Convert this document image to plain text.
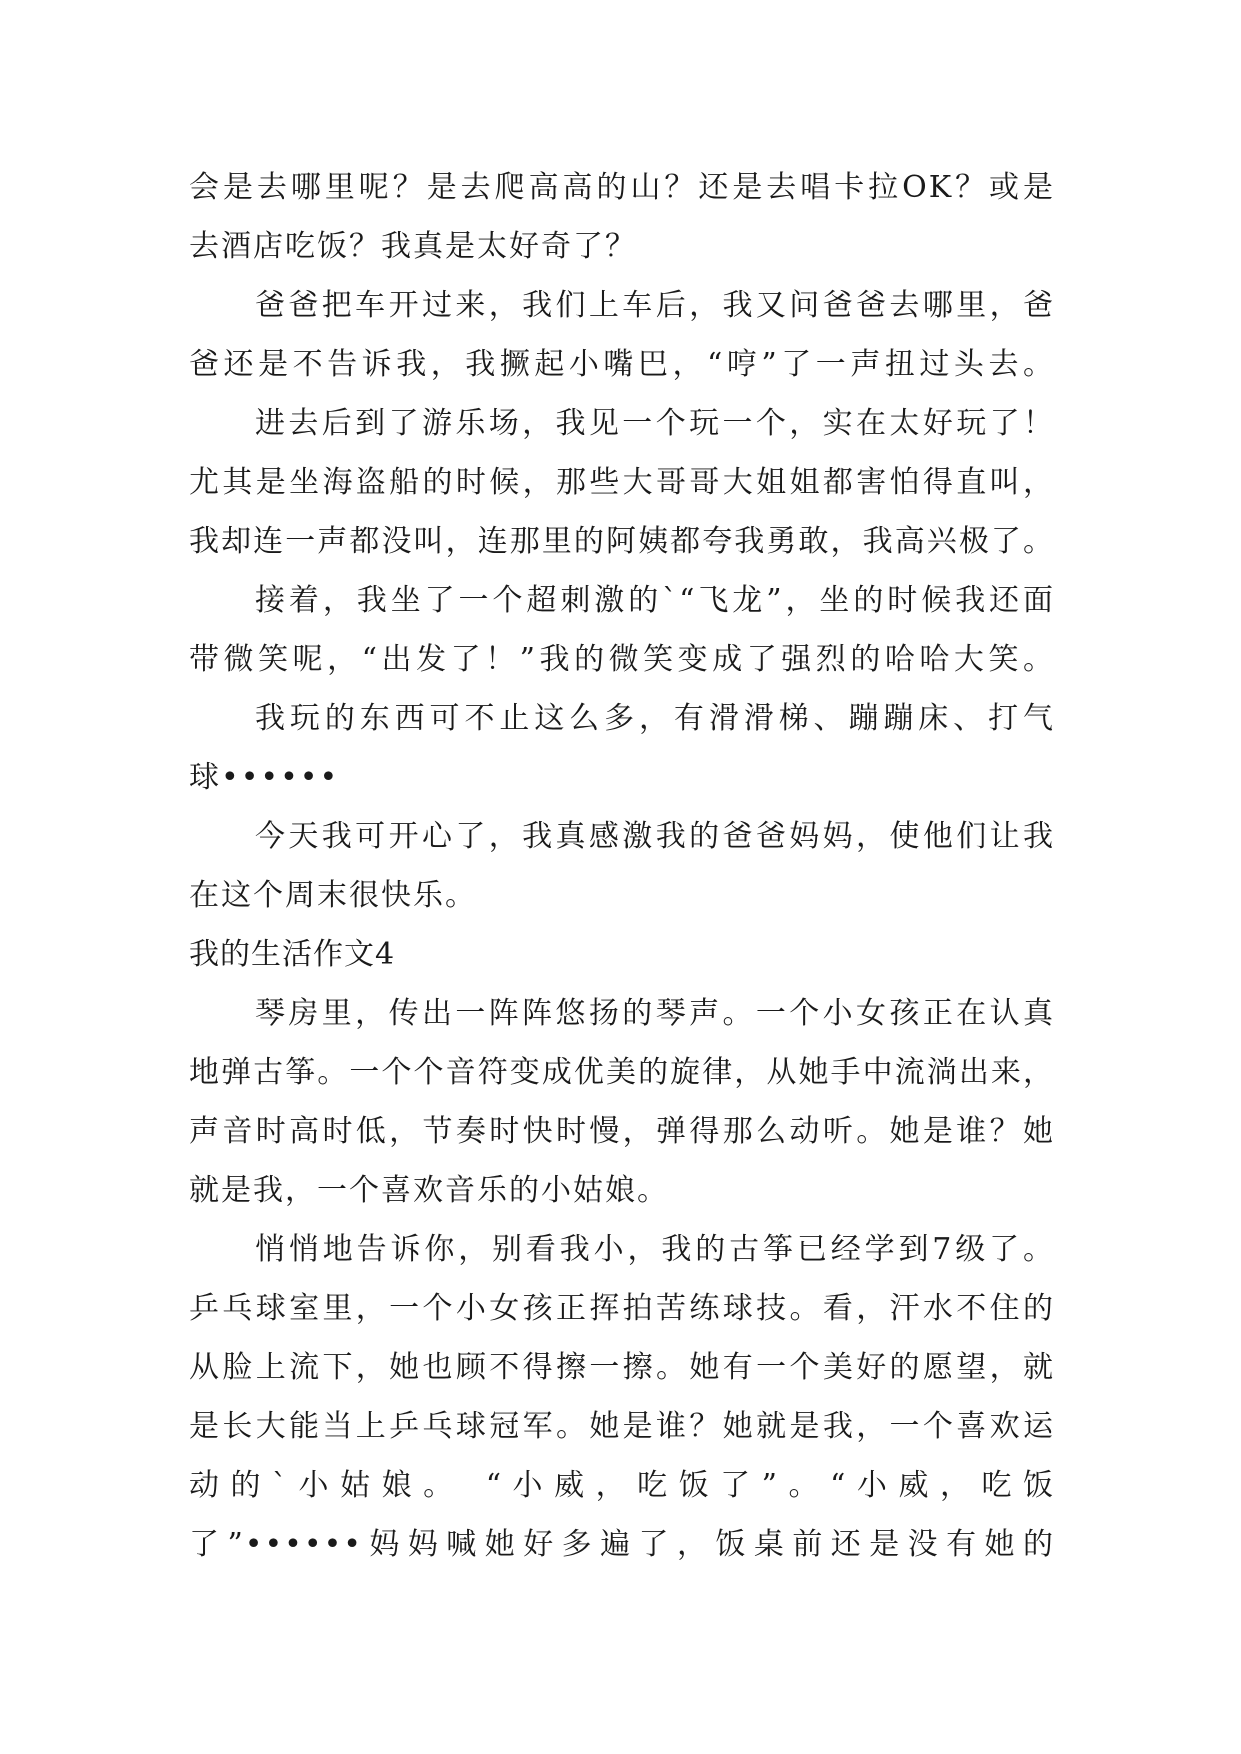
会是去哪里呢？是去爬高高的山？还是去唱卡拉OK？或是
去酒店吃饭？我真是太好奇了？
爸爸把车开过来，我们上车后，我又问爸爸去哪里，爸
爸还是不告诉我，我撅起小嘴巴，“哼”了一声扭过头去。
进去后到了游乐场，我见一个玩一个，实在太好玩了！
尤其是坐海盗船的时候，那些大哥哥大姐姐都害怕得直叫，
我却连一声都没叫，连那里的阿姨都夸我勇敢，我高兴极了。
接着，我坐了一个超刺激的`“飞龙”，坐的时候我还面
带微笑呢，“出发了！”我的微笑变成了强烈的哈哈大笑。
我玩的东西可不止这么多，有滑滑梯、蹦蹦床、打气
球••••••
今天我可开心了，我真感激我的爸爸妈妈，使他们让我
在这个周末很快乐。
我的生活作文4
琴房里，传出一阵阵悠扬的琴声。一个小女孩正在认真
地弹古筝。一个个音符变成优美的旋律，从她手中流淌出来，
声音时高时低，节奏时快时慢，弹得那么动听。她是谁？她
就是我，一个喜欢音乐的小姑娘。
悄悄地告诉你，别看我小，我的古筝已经学到7级了。
乒乓球室里，一个小女孩正挥拍苦练球技。看，汗水不住的
从脸上流下，她也顾不得擦一擦。她有一个美好的愿望，就
是长大能当上乒乓球冠军。她是谁？她就是我，一个喜欢运
动的`小姑娘。 “小威，吃饭了”。“小威，吃饭
了”••••••妈妈喊她好多遍了，饭桌前还是没有她的
